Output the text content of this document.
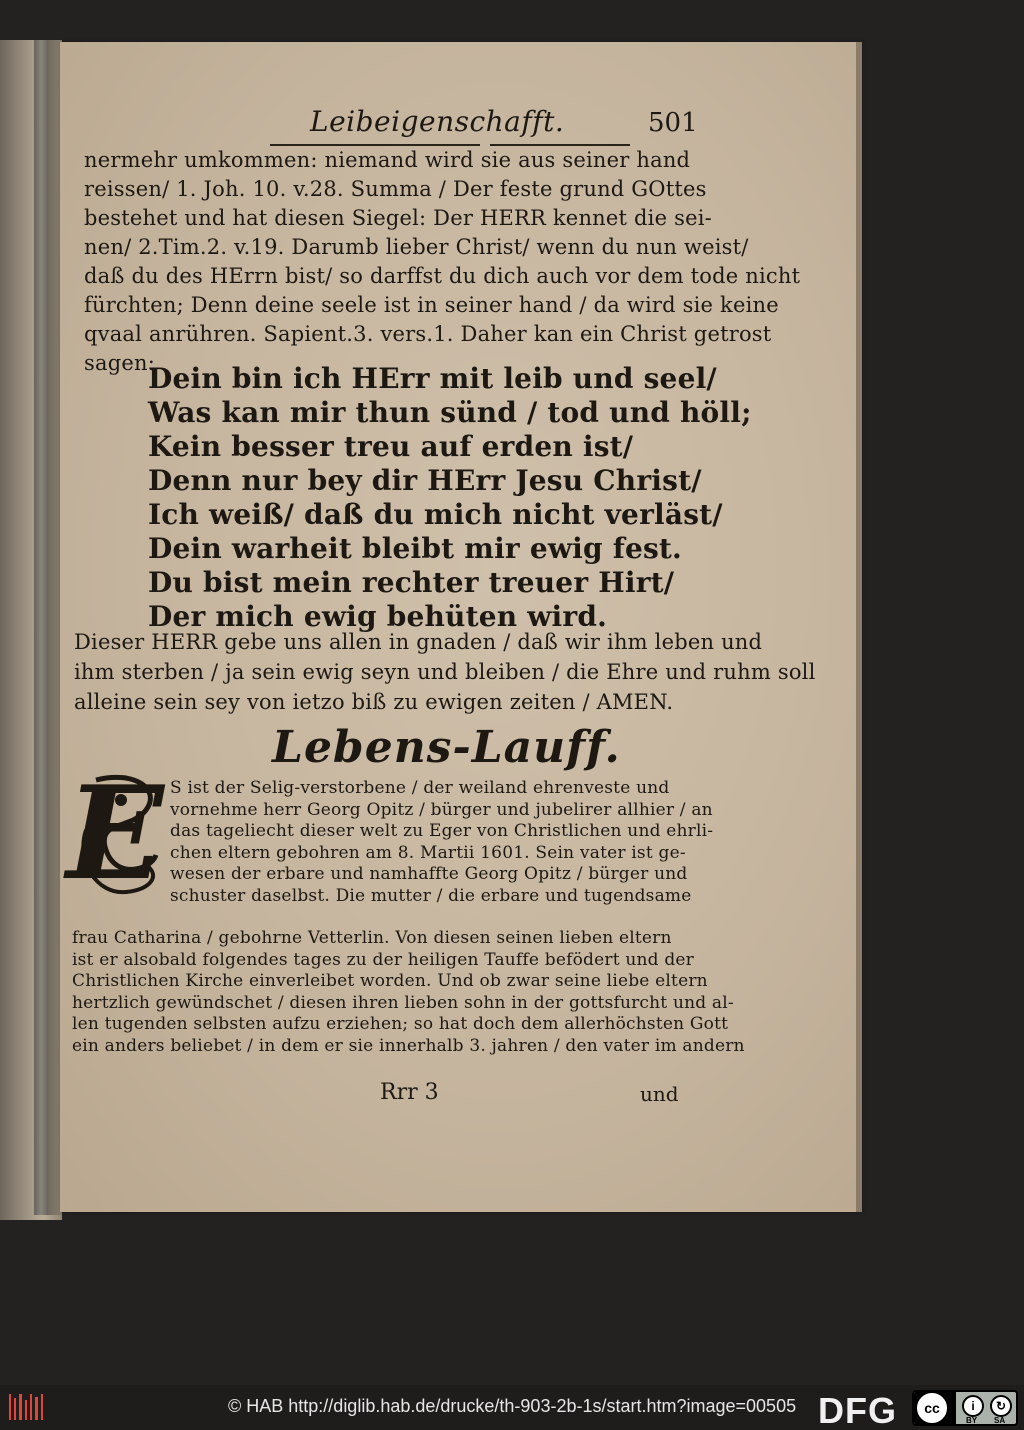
Leibeigenschafft.	501
nermehr umkommen: niemand wird sie aus seiner hand
reissen/ 1. Joh. 10. v.28. Summa / Der feste grund GOttes
bestehet und hat diesen Siegel: Der HERR kennet die sei-
nen/ 2.Tim.2. v.19. Darumb lieber Christ/ wenn du nun weist/
daß du des HErrn bist/ so darffst du dich auch vor dem tode nicht
fürchten; Denn deine seele ist in seiner hand / da wird sie keine
qvaal anrühren. Sapient.3. vers.1. Daher kan ein Christ getrost
sagen:
Dein bin ich HErr mit leib und seel/
Was kan mir thun sünd / tod und höll;
Kein besser treu auf erden ist/
Denn nur bey dir HErr Jesu Christ/
Ich weiß/ daß du mich nicht verläst/
Dein warheit bleibt mir ewig fest.
Du bist mein rechter treuer Hirt/
Der mich ewig behüten wird.
Dieser HERR gebe uns allen in gnaden / daß wir ihm leben und
ihm sterben / ja sein ewig seyn und bleiben / die Ehre und ruhm soll
alleine sein sey von ietzo biß zu ewigen zeiten / AMEN.
Lebens-Lauff.
E S ist der Selig-verstorbene / der weiland ehrenveste und
vornehme herr Georg Opitz / bürger und jubelirer allhier / an
das tageliecht dieser welt zu Eger von Christlichen und ehrli-
chen eltern gebohren am 8. Martii 1601. Sein vater ist ge-
wesen der erbare und namhaffte Georg Opitz / bürger und
schuster daselbst. Die mutter / die erbare und tugendsame
frau Catharina / gebohrne Vetterlin. Von diesen seinen lieben eltern
ist er alsobald folgendes tages zu der heiligen Tauffe befödert und der
Christlichen Kirche einverleibet worden. Und ob zwar seine liebe eltern
hertzlich gewündschet / diesen ihren lieben sohn in der gottsfurcht und al-
len tugenden selbsten aufzu erziehen; so hat doch dem allerhöchsten Gott
ein anders beliebet / in dem er sie innerhalb 3. jahren / den vater im andern
Rrr 3	und
© HAB http://diglib.hab.de/drucke/th-903-2b-1s/start.htm?image=00505 DFG	cc	i	↻
BY SA
